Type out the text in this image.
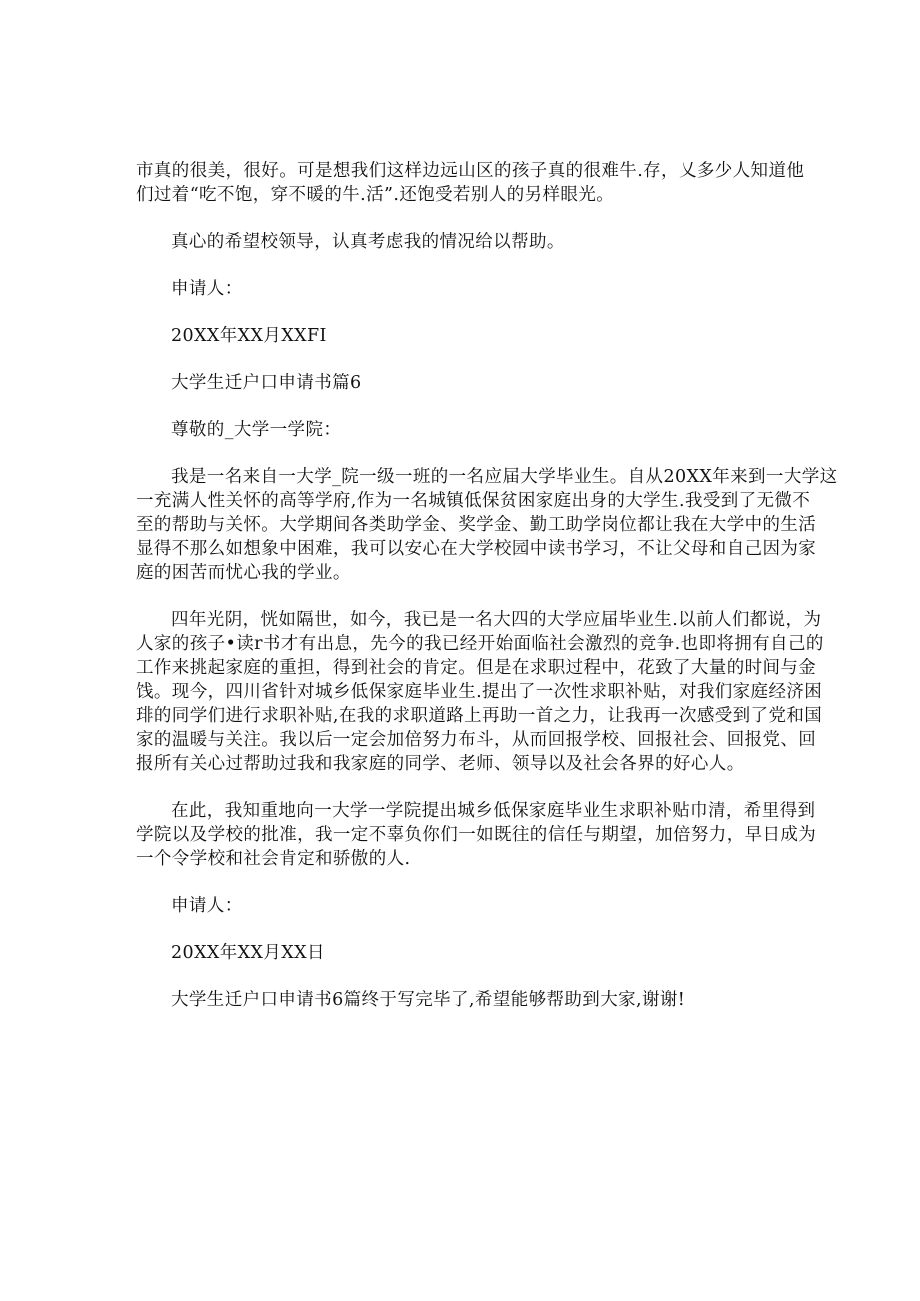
市真的很美，很好。可是想我们这样边远山区的孩子真的很难牛.存，乂多少人知道他
们过着“吃不饱，穿不暖的牛.活”.还饱受若别人的另样眼光。

真心的希望校领导，认真考虑我的情况给以帮助。

申请人：

20XX年XX月XXFI

大学生迁户口申请书篇6

尊敬的_大学一学院：

我是一名来自一大学_院一级一班的一名应届大学毕业生。自从20XX年来到一大学这
一充满人性关怀的高等学府,作为一名城镇低保贫困家庭出身的大学生.我受到了无微不
至的帮助与关怀。大学期间各类助学金、奖学金、勤工助学岗位都让我在大学中的生活
显得不那么如想象中困难，我可以安心在大学校园中读书学习，不让父母和自己因为家
庭的困苦而忧心我的学业。

四年光阴，恍如隔世，如今，我已是一名大四的大学应届毕业生.以前人们都说，为
人家的孩子•读r书才有出息，先今的我已经开始面临社会激烈的竞争.也即将拥有自己的
工作来挑起家庭的重担，得到社会的肯定。但是在求职过程中，花致了大量的时间与金
饯。现今，四川省针对城乡低保家庭毕业生.提出了一次性求职补贴，对我们家庭经济困
琲的同学们进行求职补贴,在我的求职道路上再助一首之力，让我再一次感受到了党和国
家的温暖与关注。我以后一定会加倍努力布斗，从而回报学校、回报社会、回报党、回
报所有关心过帮助过我和我家庭的同学、老师、领导以及社会各界的好心人。

在此，我知重地向一大学一学院提出城乡低保家庭毕业生求职补贴巾清，希里得到
学院以及学校的批准，我一定不辜负你们一如既往的信任与期望，加倍努力，早日成为
一个令学校和社会肯定和骄傲的人.

申请人：

20XX年XX月XX日

大学生迁户口申请书6篇终于写完毕了,希望能够帮助到大家,谢谢!
